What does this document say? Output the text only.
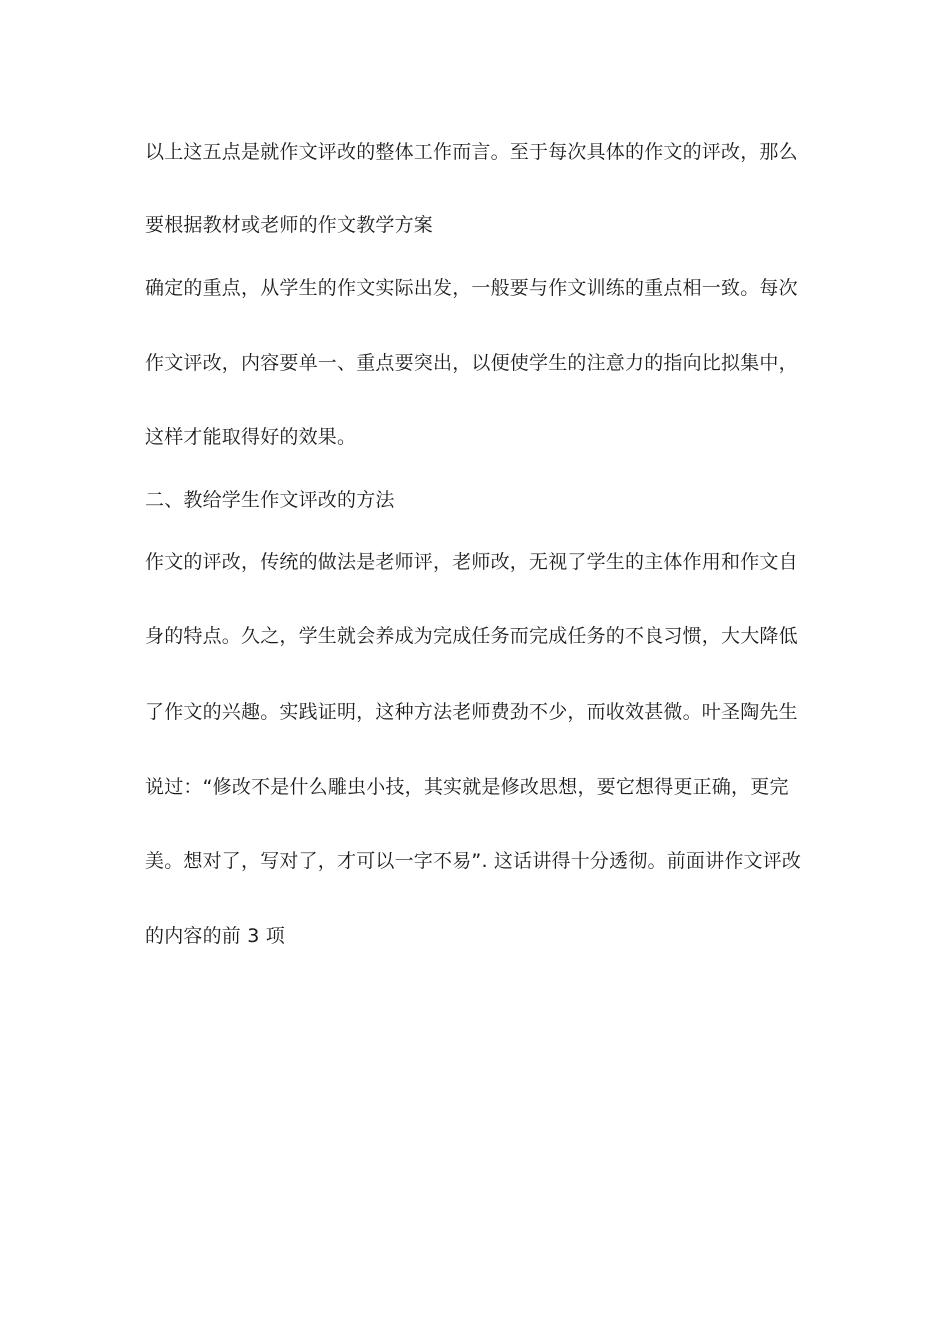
以上这五点是就作文评改的整体工作而言。至于每次具体的作文的评改，那么
要根据教材或老师的作文教学方案
确定的重点，从学生的作文实际出发，一般要与作文训练的重点相一致。每次
作文评改，内容要单一、重点要突出，以便使学生的注意力的指向比拟集中，
这样才能取得好的效果。
二、教给学生作文评改的方法
作文的评改，传统的做法是老师评，老师改，无视了学生的主体作用和作文自
身的特点。久之，学生就会养成为完成任务而完成任务的不良习惯，大大降低
了作文的兴趣。实践证明，这种方法老师费劲不少，而收效甚微。叶圣陶先生
说过：“修改不是什么雕虫小技，其实就是修改思想，要它想得更正确，更完
美。想对了，写对了，才可以一字不易”. 这话讲得十分透彻。前面讲作文评改
的内容的前 3 项
